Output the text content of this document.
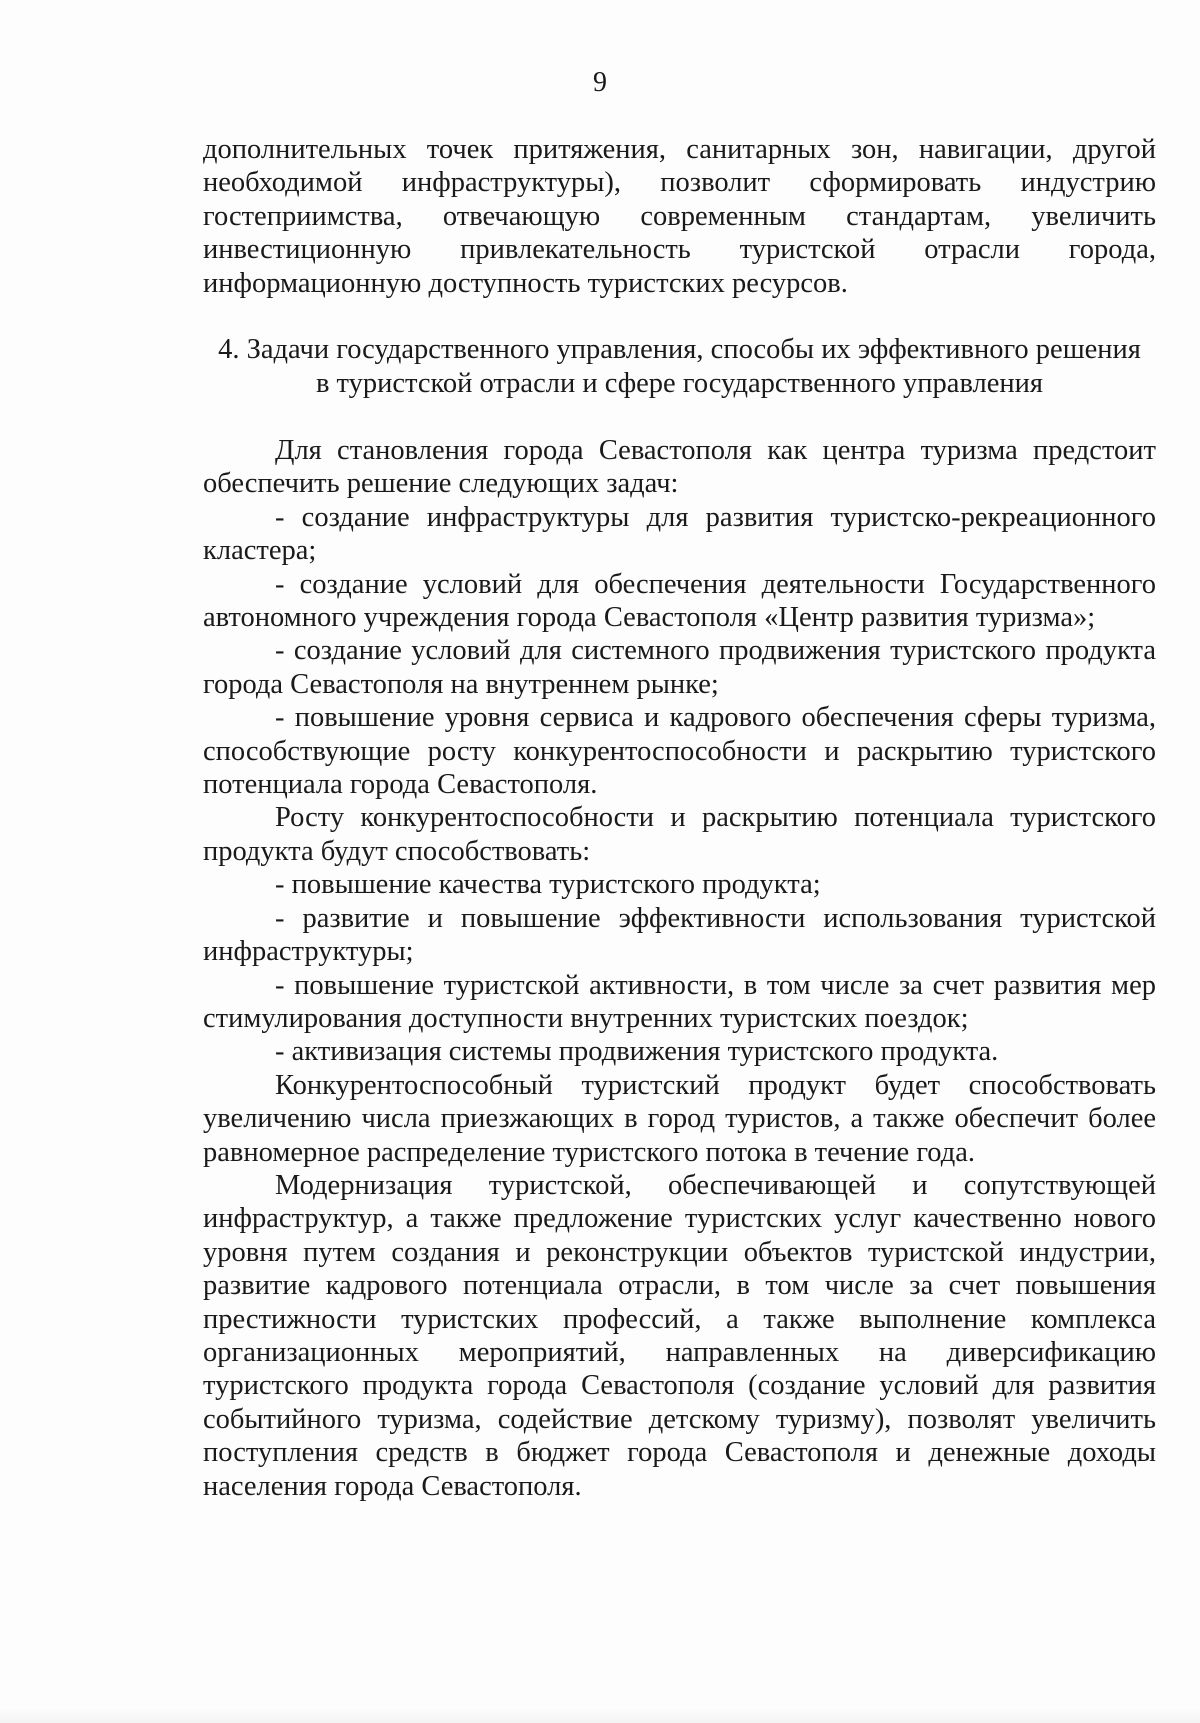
9

дополнительных точек притяжения, санитарных зон, навигации, другой необходимой инфраструктуры), позволит сформировать индустрию гостеприимства, отвечающую современным стандартам, увеличить инвестиционную привлекательность туристской отрасли города, информационную доступность туристских ресурсов.

4. Задачи государственного управления, способы их эффективного решения

в туристской отрасли и сфере государственного управления

Для становления города Севастополя как центра туризма предстоит обеспечить решение следующих задач:

- создание инфраструктуры для развития туристско-рекреационного кластера;

- создание условий для обеспечения деятельности Государственного автономного учреждения города Севастополя «Центр развития туризма»;

- создание условий для системного продвижения туристского продукта города Севастополя на внутреннем рынке;

- повышение уровня сервиса и кадрового обеспечения сферы туризма, способствующие росту конкурентоспособности и раскрытию туристского потенциала города Севастополя.

Росту конкурентоспособности и раскрытию потенциала туристского продукта будут способствовать:

- повышение качества туристского продукта;

- развитие и повышение эффективности использования туристской инфраструктуры;

- повышение туристской активности, в том числе за счет развития мер стимулирования доступности внутренних туристских поездок;

- активизация системы продвижения туристского продукта.

Конкурентоспособный туристский продукт будет способствовать увеличению числа приезжающих в город туристов, а также обеспечит более равномерное распределение туристского потока в течение года.

Модернизация туристской, обеспечивающей и сопутствующей инфраструктур, а также предложение туристских услуг качественно нового уровня путем создания и реконструкции объектов туристской индустрии, развитие кадрового потенциала отрасли, в том числе за счет повышения престижности туристских профессий, а также выполнение комплекса организационных мероприятий, направленных на диверсификацию туристского продукта города Севастополя (создание условий для развития событийного туризма, содействие детскому туризму), позволят увеличить поступления средств в бюджет города Севастополя и денежные доходы населения города Севастополя.
